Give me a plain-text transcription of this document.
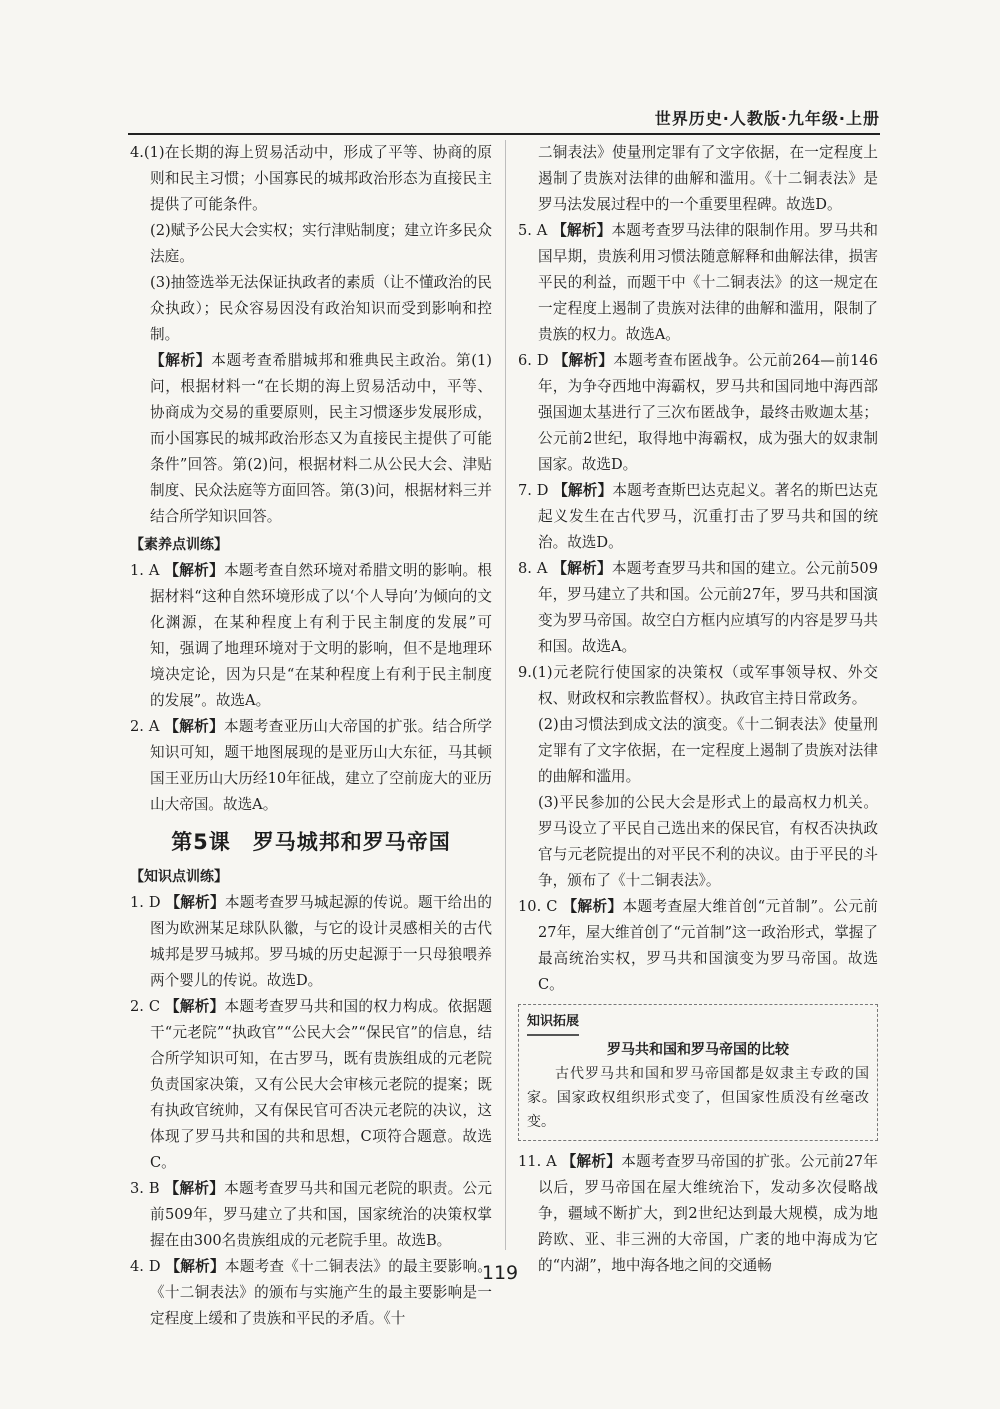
世界历史·人教版·九年级·上册

4.(1)在长期的海上贸易活动中，形成了平等、协商的原则和民主习惯；小国寡民的城邦政治形态为直接民主提供了可能条件。

(2)赋予公民大会实权；实行津贴制度；建立许多民众法庭。

(3)抽签选举无法保证执政者的素质（让不懂政治的民众执政）；民众容易因没有政治知识而受到影响和控制。

【解析】本题考查希腊城邦和雅典民主政治。第(1)问，根据材料一“在长期的海上贸易活动中，平等、协商成为交易的重要原则，民主习惯逐步发展形成，而小国寡民的城邦政治形态又为直接民主提供了可能条件”回答。第(2)问，根据材料二从公民大会、津贴制度、民众法庭等方面回答。第(3)问，根据材料三并结合所学知识回答。

【素养点训练】

1. A 【解析】本题考查自然环境对希腊文明的影响。根据材料“这种自然环境形成了以‘个人导向’为倾向的文化渊源，在某种程度上有利于民主制度的发展”可知，强调了地理环境对于文明的影响，但不是地理环境决定论，因为只是“在某种程度上有利于民主制度的发展”。故选A。

2. A 【解析】本题考查亚历山大帝国的扩张。结合所学知识可知，题干地图展现的是亚历山大东征，马其顿国王亚历山大历经10年征战，建立了空前庞大的亚历山大帝国。故选A。

第5课　罗马城邦和罗马帝国
【知识点训练】

1. D 【解析】本题考查罗马城起源的传说。题干给出的图为欧洲某足球队队徽，与它的设计灵感相关的古代城邦是罗马城邦。罗马城的历史起源于一只母狼喂养两个婴儿的传说。故选D。

2. C 【解析】本题考查罗马共和国的权力构成。依据题干“元老院”“执政官”“公民大会”“保民官”的信息，结合所学知识可知，在古罗马，既有贵族组成的元老院负责国家决策，又有公民大会审核元老院的提案；既有执政官统帅，又有保民官可否决元老院的决议，这体现了罗马共和国的共和思想，C项符合题意。故选C。

3. B 【解析】本题考查罗马共和国元老院的职责。公元前509年，罗马建立了共和国，国家统治的决策权掌握在由300名贵族组成的元老院手里。故选B。

4. D 【解析】本题考查《十二铜表法》的最主要影响。《十二铜表法》的颁布与实施产生的最主要影响是一定程度上缓和了贵族和平民的矛盾。《十

二铜表法》使量刑定罪有了文字依据，在一定程度上遏制了贵族对法律的曲解和滥用。《十二铜表法》是罗马法发展过程中的一个重要里程碑。故选D。

5. A 【解析】本题考查罗马法律的限制作用。罗马共和国早期，贵族利用习惯法随意解释和曲解法律，损害平民的利益，而题干中《十二铜表法》的这一规定在一定程度上遏制了贵族对法律的曲解和滥用，限制了贵族的权力。故选A。

6. D 【解析】本题考查布匿战争。公元前264—前146年，为争夺西地中海霸权，罗马共和国同地中海西部强国迦太基进行了三次布匿战争，最终击败迦太基；公元前2世纪，取得地中海霸权，成为强大的奴隶制国家。故选D。

7. D 【解析】本题考查斯巴达克起义。著名的斯巴达克起义发生在古代罗马，沉重打击了罗马共和国的统治。故选D。

8. A 【解析】本题考查罗马共和国的建立。公元前509年，罗马建立了共和国。公元前27年，罗马共和国演变为罗马帝国。故空白方框内应填写的内容是罗马共和国。故选A。

9.(1)元老院行使国家的决策权（或军事领导权、外交权、财政权和宗教监督权）。执政官主持日常政务。

(2)由习惯法到成文法的演变。《十二铜表法》使量刑定罪有了文字依据，在一定程度上遏制了贵族对法律的曲解和滥用。

(3)平民参加的公民大会是形式上的最高权力机关。罗马设立了平民自己选出来的保民官，有权否决执政官与元老院提出的对平民不利的决议。由于平民的斗争，颁布了《十二铜表法》。

10. C 【解析】本题考查屋大维首创“元首制”。公元前27年，屋大维首创了“元首制”这一政治形式，掌握了最高统治实权，罗马共和国演变为罗马帝国。故选C。

知识拓展
罗马共和国和罗马帝国的比较

古代罗马共和国和罗马帝国都是奴隶主专政的国家。国家政权组织形式变了，但国家性质没有丝毫改变。

11. A 【解析】本题考查罗马帝国的扩张。公元前27年以后，罗马帝国在屋大维统治下，发动多次侵略战争，疆域不断扩大，到2世纪达到最大规模，成为地跨欧、亚、非三洲的大帝国，广袤的地中海成为它的“内湖”，地中海各地之间的交通畅

119
